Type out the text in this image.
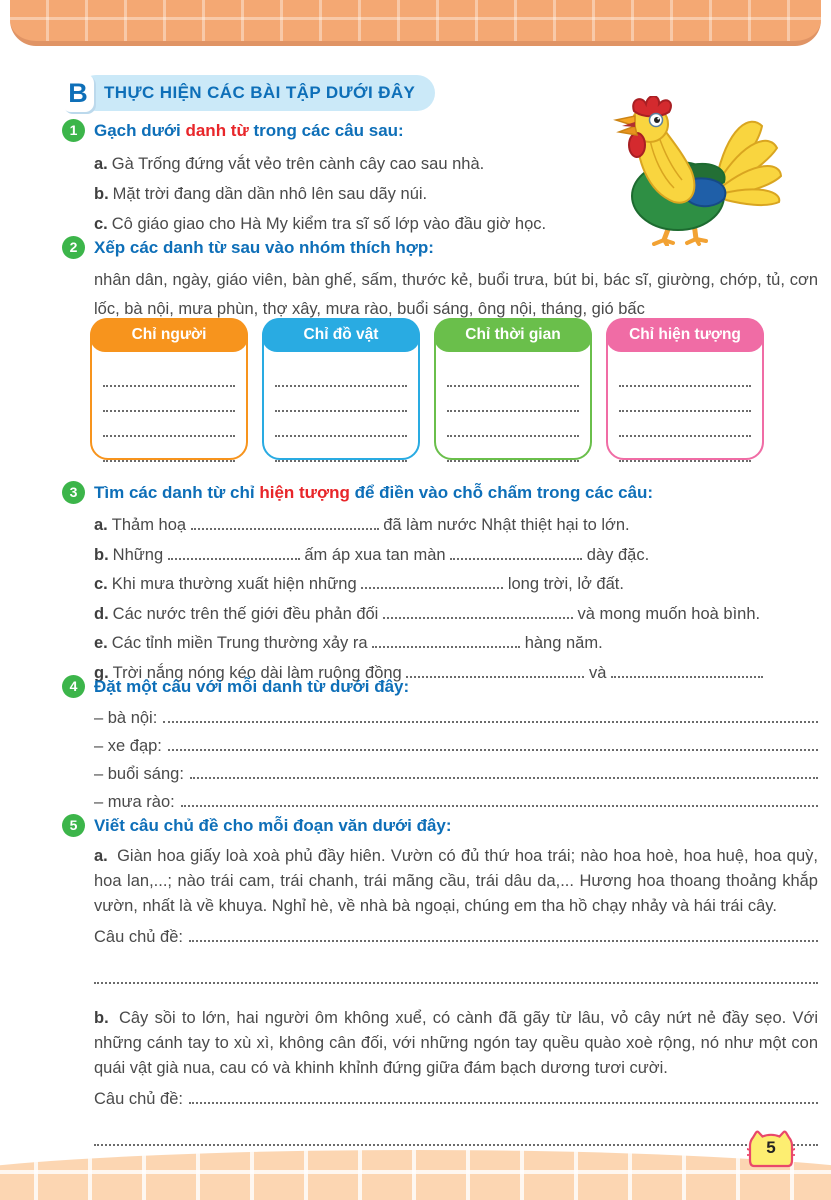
B THỰC HIỆN CÁC BÀI TẬP DƯỚI ĐÂY
1 Gạch dưới danh từ trong các câu sau:
a. Gà Trống đứng vắt vẻo trên cành cây cao sau nhà.
b. Mặt trời đang dần dần nhô lên sau dãy núi.
c. Cô giáo giao cho Hà My kiểm tra sĩ số lớp vào đầu giờ học.
2 Xếp các danh từ sau vào nhóm thích hợp:
nhân dân, ngày, giáo viên, bàn ghế, sấm, thước kẻ, buổi trưa, bút bi, bác sĩ, giường, chớp, tủ, cơn lốc, bà nội, mưa phùn, thợ xây, mưa rào, buổi sáng, ông nội, tháng, gió bấc
Chỉ người	Chỉ đồ vật	Chỉ thời gian	Chỉ hiện tượng
3 Tìm các danh từ chỉ hiện tượng để điền vào chỗ chấm trong các câu:
a. Thảm hoạ	đã làm nước Nhật thiệt hại to lớn.
b. Những	ấm áp xua tan màn	dày đặc.
c. Khi mưa thường xuất hiện những	long trời, lở đất.
d. Các nước trên thế giới đều phản đối	và mong muốn hoà bình.
e. Các tỉnh miền Trung thường xảy ra	hàng năm.
g. Trời nắng nóng kéo dài làm ruộng đồng	và
4 Đặt một câu với mỗi danh từ dưới đây:
– bà nội:
– xe đạp:
– buổi sáng:
– mưa rào:
5 Viết câu chủ đề cho mỗi đoạn văn dưới đây:
a. Giàn hoa giấy loà xoà phủ đầy hiên. Vườn có đủ thứ hoa trái; nào hoa hoè, hoa huệ, hoa quỳ, hoa lan,...; nào trái cam, trái chanh, trái mãng cầu, trái dâu da,... Hương hoa thoang thoảng khắp vườn, nhất là về khuya. Nghỉ hè, về nhà bà ngoại, chúng em tha hồ chạy nhảy và hái trái cây.
Câu chủ đề:
b. Cây sồi to lớn, hai người ôm không xuể, có cành đã gãy từ lâu, vỏ cây nứt nẻ đầy sẹo. Với những cánh tay to xù xì, không cân đối, với những ngón tay quều quào xoè rộng, nó như một con quái vật già nua, cau có và khinh khỉnh đứng giữa đám bạch dương tươi cười.
Câu chủ đề:
5
